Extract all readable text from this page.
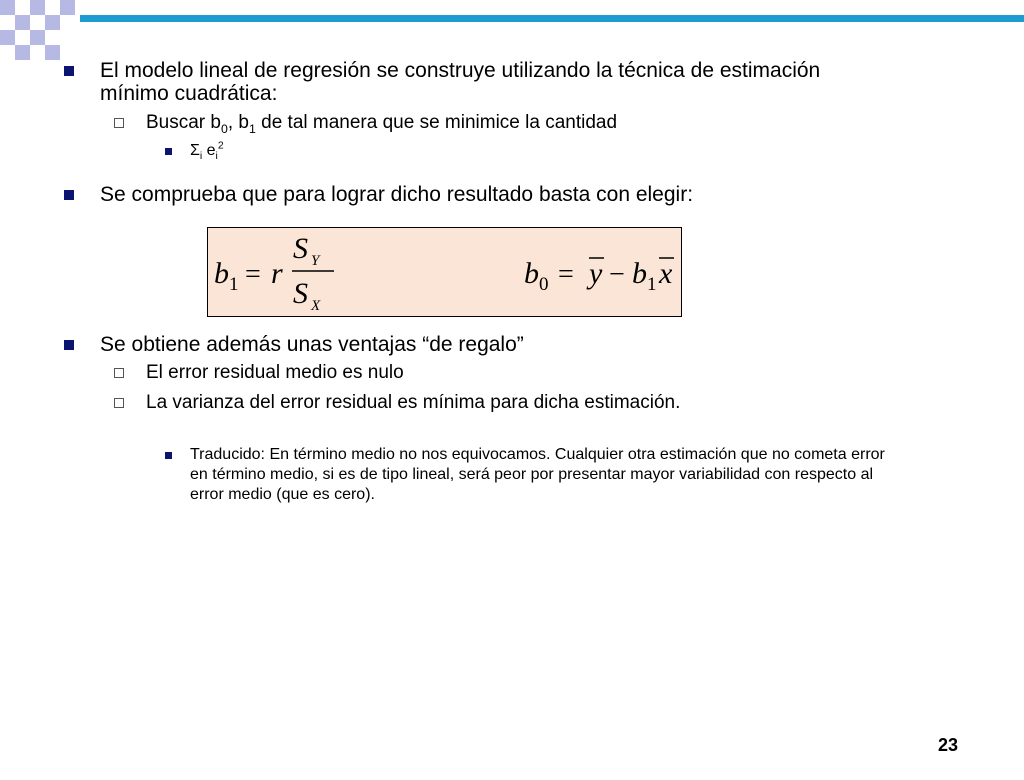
El modelo lineal de regresión se construye utilizando la técnica de estimación mínimo cuadrática:
Buscar $b_0$, $b_1$ de tal manera que se minimice la cantidad
$\Sigma_i$ $e_i^2$
Se comprueba que para lograr dicho resultado basta con elegir:
b 1 = r
S Y
S X
b 0 = y − b 1 x
Se obtiene además unas ventajas “de regalo”
El error residual medio es nulo
La varianza del error residual es mínima para dicha estimación.
Traducido: En término medio no nos equivocamos. Cualquier otra estimación que no cometa error en término medio, si es de tipo lineal, será peor por presentar mayor variabilidad con respecto al error medio (que es cero).
23
